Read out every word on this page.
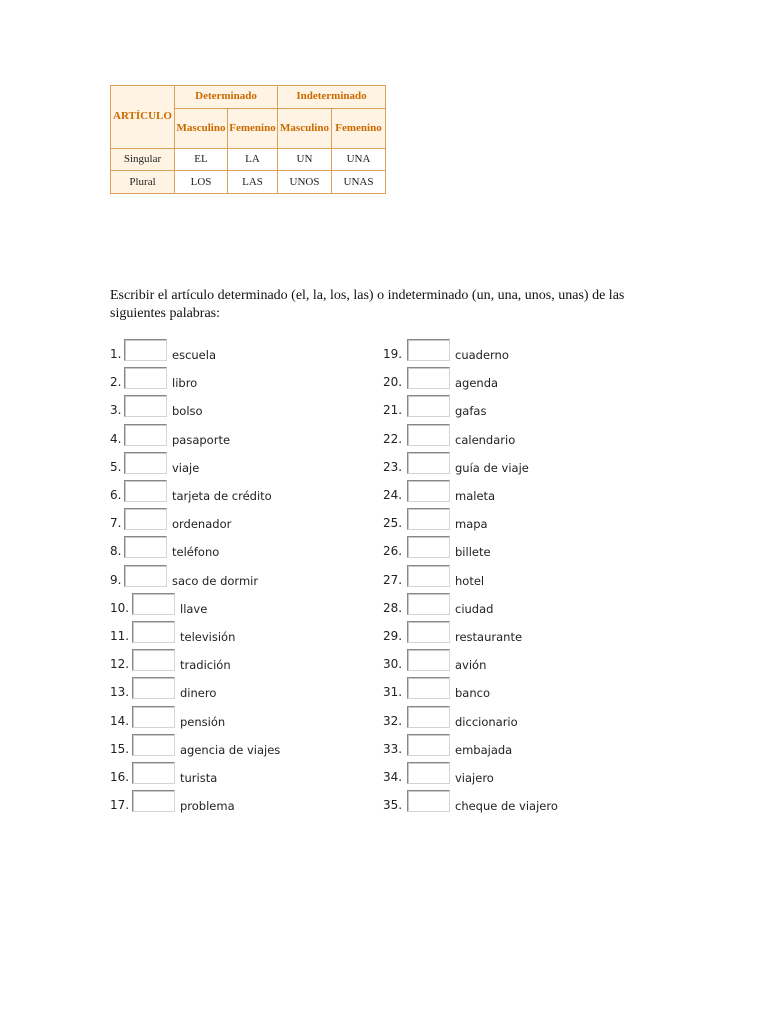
ARTÍCULO	Determinado		Indeterminado	
	Masculino	Femenino	Masculino	Femenino
Singular	EL	LA	UN	UNA
Plural	LOS	LAS	UNOS	UNAS
Escribir el artículo determinado (el, la, los, las) o indeterminado (un, una, unos, unas) de las siguientes palabras:
1.	escuela
2.	libro
3.	bolso
4.	pasaporte
5.	viaje
6.	tarjeta de crédito
7.	ordenador
8.	teléfono
9.	saco de dormir
10.	llave
11.	televisión
12.	tradición
13.	dinero
14.	pensión
15.	agencia de viajes
16.	turista
17.	problema
19.	cuaderno
20.	agenda
21.	gafas
22.	calendario
23.	guía de viaje
24.	maleta
25.	mapa
26.	billete
27.	hotel
28.	ciudad
29.	restaurante
30.	avión
31.	banco
32.	diccionario
33.	embajada
34.	viajero
35.	cheque de viajero
